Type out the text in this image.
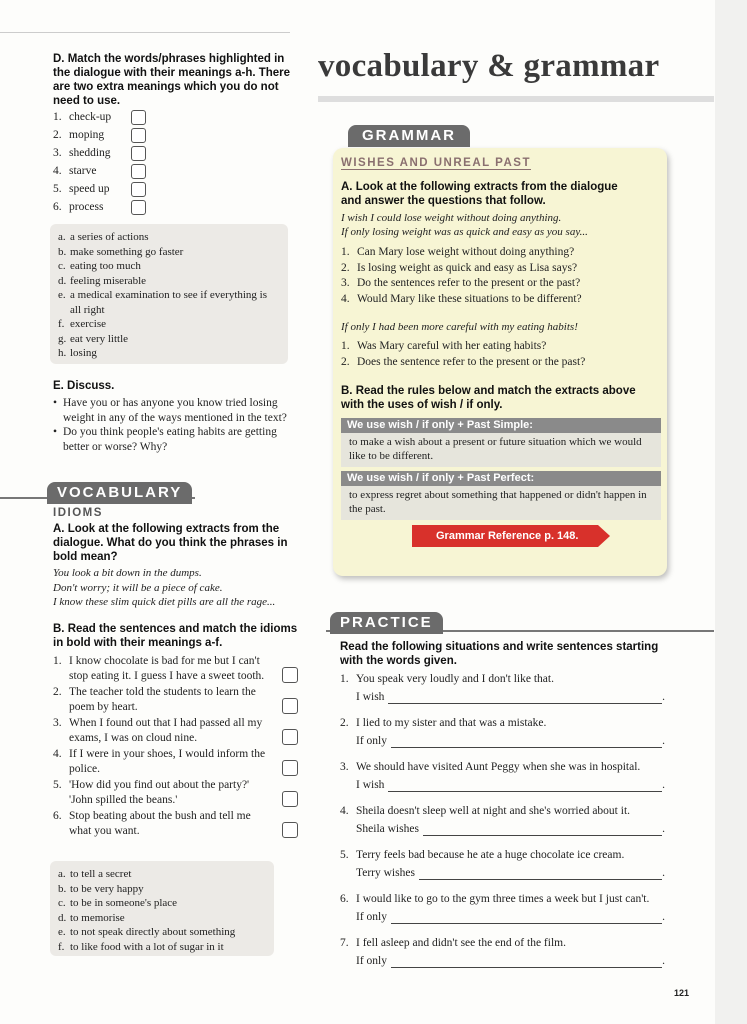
vocabulary & grammar
D. Match the words/phrases highlighted in the dialogue with their meanings a-h. There are two extra meanings which you do not need to use.
1. check-up
2. moping
3. shedding
4. starve
5. speed up
6. process
a. a series of actions
b. make something go faster
c. eating too much
d. feeling miserable
e. a medical examination to see if everything is all right
f. exercise
g. eat very little
h. losing
E. Discuss.
• Have you or has anyone you know tried losing weight in any of the ways mentioned in the text?
• Do you think people's eating habits are getting better or worse? Why?
VOCABULARY
IDIOMS
A. Look at the following extracts from the dialogue. What do you think the phrases in bold mean?
You look a bit down in the dumps.
Don't worry; it will be a piece of cake.
I know these slim quick diet pills are all the rage...
B. Read the sentences and match the idioms in bold with their meanings a-f.
1. I know chocolate is bad for me but I can't stop eating it. I guess I have a sweet tooth.
2. The teacher told the students to learn the poem by heart.
3. When I found out that I had passed all my exams, I was on cloud nine.
4. If I were in your shoes, I would inform the police.
5. 'How did you find out about the party?' 'John spilled the beans.'
6. Stop beating about the bush and tell me what you want.
a. to tell a secret
b. to be very happy
c. to be in someone's place
d. to memorise
e. to not speak directly about something
f. to like food with a lot of sugar in it
GRAMMAR
WISHES AND UNREAL PAST
A. Look at the following extracts from the dialogue and answer the questions that follow.
I wish I could lose weight without doing anything.
If only losing weight was as quick and easy as you say...
1. Can Mary lose weight without doing anything?
2. Is losing weight as quick and easy as Lisa says?
3. Do the sentences refer to the present or the past?
4. Would Mary like these situations to be different?
If only I had been more careful with my eating habits!
1. Was Mary careful with her eating habits?
2. Does the sentence refer to the present or the past?
B. Read the rules below and match the extracts above with the uses of wish / if only.
We use wish / if only + Past Simple:
to make a wish about a present or future situation which we would like to be different.
We use wish / if only + Past Perfect:
to express regret about something that happened or didn't happen in the past.
Grammar Reference p. 148.
PRACTICE
Read the following situations and write sentences starting with the words given.
1. You speak very loudly and I don't like that.
I wish	.
2. I lied to my sister and that was a mistake.
If only	.
3. We should have visited Aunt Peggy when she was in hospital.
I wish	.
4. Sheila doesn't sleep well at night and she's worried about it.
Sheila wishes	.
5. Terry feels bad because he ate a huge chocolate ice cream.
Terry wishes	.
6. I would like to go to the gym three times a week but I just can't.
If only	.
7. I fell asleep and didn't see the end of the film.
If only	.
121
